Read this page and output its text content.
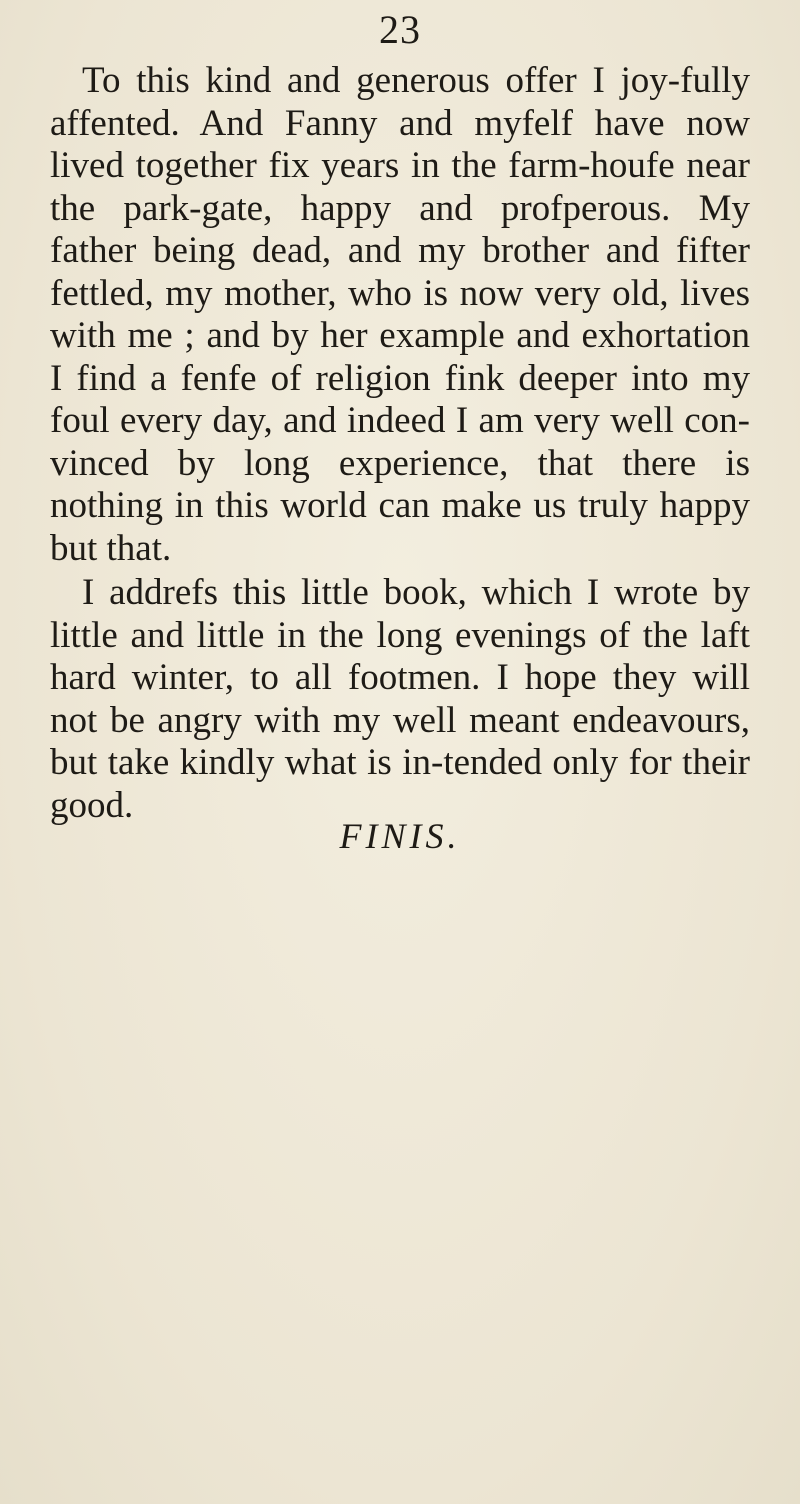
23

To this kind and generous offer I joy-fully affented. And Fanny and myfelf have now lived together fix years in the farm-houfe near the park-gate, happy and profperous. My father being dead, and my brother and fifter fettled, my mother, who is now very old, lives with me ; and by her example and exhortation I find a fenfe of religion fink deeper into my foul every day, and indeed I am very well con-vinced by long experience, that there is nothing in this world can make us truly happy but that.

I addrefs this little book, which I wrote by little and little in the long evenings of the laft hard winter, to all footmen. I hope they will not be angry with my well meant endeavours, but take kindly what is in-tended only for their good.

FINIS.
